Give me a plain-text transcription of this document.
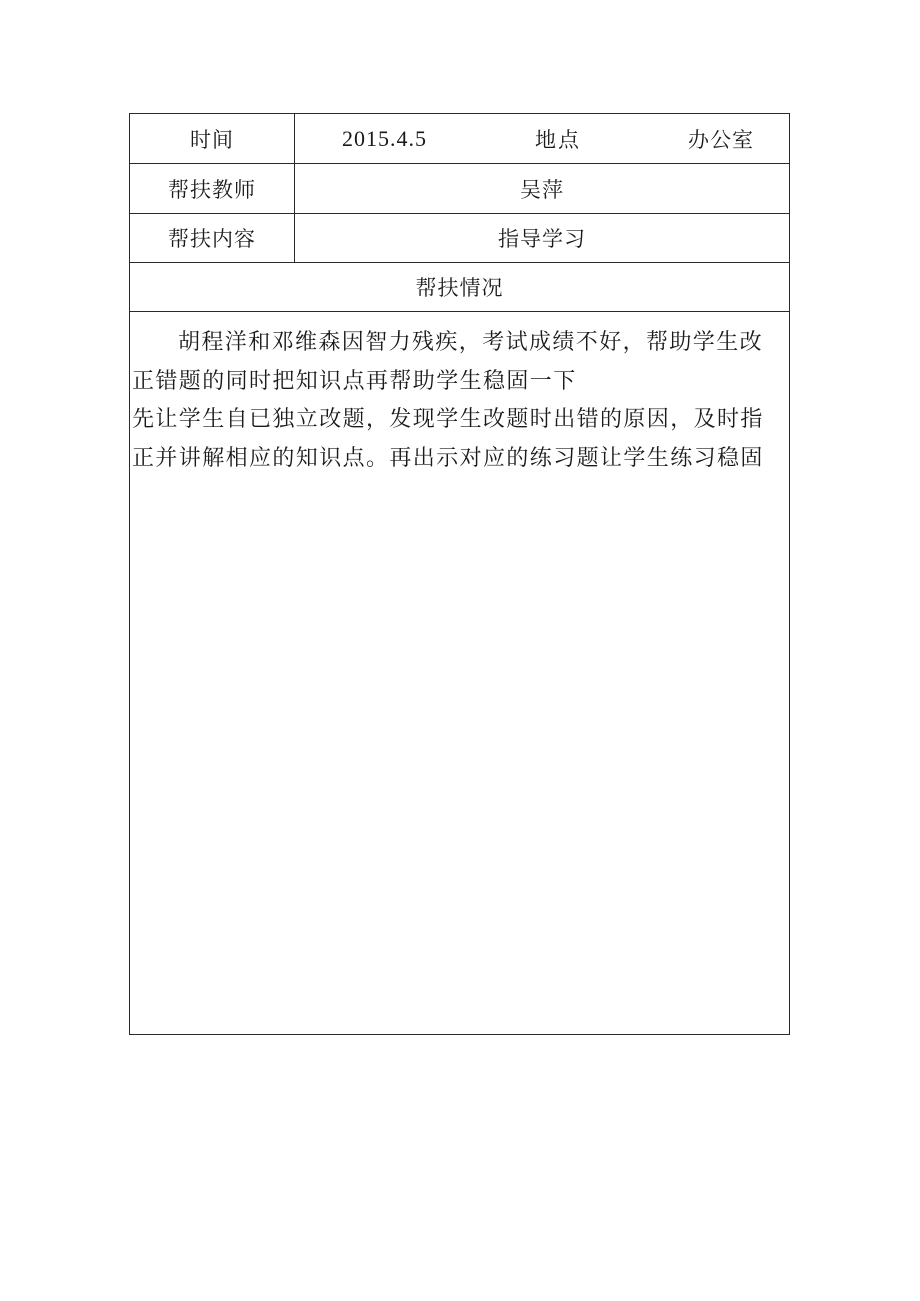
时间	2015.4.5	地点	办公室
帮扶教师	吴萍
帮扶内容	指导学习
帮扶情况

胡程洋和邓维森因智力残疾，考试成绩不好，帮助学生改正错题的同时把知识点再帮助学生稳固一下

先让学生自已独立改题，发现学生改题时出错的原因，及时指正并讲解相应的知识点。再出示对应的练习题让学生练习稳固
